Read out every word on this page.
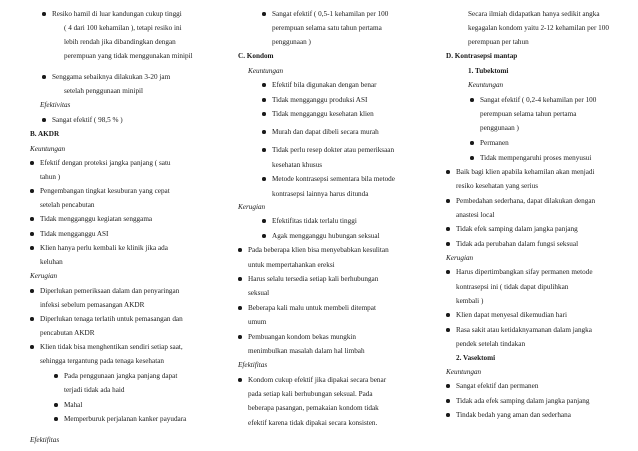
Resiko hamil di luar kandungan cukup tinggi
( 4 dari 100 kehamilan ), tetapi resiko ini
lebih rendah jika dibandingkan dengan
perempuan yang tidak menggunakan minipil
Senggama sebaiknya dilakukan 3-20 jam
setelah penggunaan minipil
Efektivitas
Sangat efektif ( 98,5 % )
B. AKDR
Keuntungan
Efektif dengan proteksi jangka panjang ( satu
tahun )
Pengembangan tingkat kesuburan yang cepat
setelah pencabutan
Tidak mengganggu kegiatan senggama
Tidak mengganggu ASI
Klien hanya perlu kembali ke klinik jika ada
keluhan
Kerugian
Diperlukan pemeriksaan dalam dan penyaringan
infeksi sebelum pemasangan AKDR
Diperlukan tenaga terlatih untuk pemasangan dan
pencabutan AKDR
Klien tidak bisa menghentikan sendiri setiap saat,
sehingga tergantung pada tenaga kesehatan
Pada penggunaan jangka panjang dapat
terjadi tidak ada haid
Mahal
Memperburuk perjalanan kanker payudara
Efektifitas
Sangat efektif ( 0,5-1 kehamilan per 100
perempuan selama satu tahun pertama
penggunaan )
C. Kondom
Keuntungan
Efektif bila digunakan dengan benar
Tidak mengganggu produksi ASI
Tidak mengganggu kesehatan klien
Murah dan dapat dibeli secara murah
Tidak perlu resep dokter atau pemeriksaan
kesehatan khusus
Metode kontrasepsi sementara bila metode
kontrasepsi lainnya harus ditunda
Kerugian
Efektifitas tidak terlalu tinggi
Agak mengganggu hubungan seksual
Pada beberapa klien bisa menyebabkan kesulitan
untuk mempertahankan ereksi
Harus selalu tersedia setiap kali berhubungan
seksual
Beberapa kali malu untuk membeli ditempat
umum
Pembuangan kondom bekas mungkin
menimbulkan masalah dalam hal limbah
Efektifitas
Kondom cukup efektif jika dipakai secara benar
pada setiap kali berhubungan seksual. Pada
beberapa pasangan, pemakaian kondom tidak
efektif karena tidak dipakai secara konsisten.
Secara ilmiah didapatkan hanya sedikit angka
kegagalan kondom yaitu 2-12 kehamilan per 100
perempuan per tahun
D. Kontrasepsi mantap
1. Tubektomi
Keuntungan
Sangat efektif ( 0,2-4 kehamilan per 100
perempuan selama tahun pertama
penggunaan )
Permanen
Tidak mempengaruhi proses menyusui
Baik bagi klien apabila kehamilan akan menjadi
resiko kesehatan yang serius
Pembedahan sederhana, dapat dilakukan dengan
anastesi local
Tidak efek samping dalam jangka panjang
Tidak ada perubahan dalam fungsi seksual
Kerugian
Harus dipertimbangkan sifay permanen metode
kontrasepsi ini ( tidak dapat dipulihkan
kembali )
Klien dapat menyesal dikemudian hari
Rasa sakit atau ketidaknyamanan dalam jangka
pendek setelah tindakan
2. Vasektomi
Keuntungan
Sangat efektif dan permanen
Tidak ada efek samping dalam jangka panjang
Tindak bedah yang aman dan sederhana
